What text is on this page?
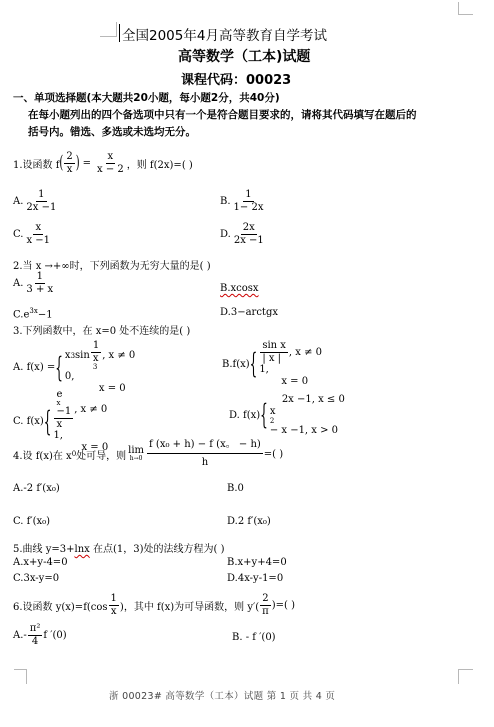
全国2005年4月高等教育自学考试
高等数学（工本)试题
课程代码：00023
一、单项选择题(本大题共20小题，每小题2分，共40分)
在每小题列出的四个备选项中只有一个是符合题目要求的，请将其代码填写在题后的
括号内。错选、多选或未选均无分。
1.设函数 f ( $\frac{2}{x}$ ) = $\frac{x}{x - 2}$ ，则 f(2x)=( )
A. $\frac{1}{2x -1}$	B. $\frac{1}{1- 2x}$
C. $\frac{x}{x -1}$	D. $\frac{2x}{2x -1}$
2.当 x →+∞时，下列函数为无穷大量的是( )
A. $\frac{1}{3 + x}$	B.xcosx
$C.e^{3x}-1$	D.3−arctgx
3.下列函数中，在 x=0 处不连续的是( )
A. f(x) = { x 3 sin 1
x
3 , x ≠ 0
0,
x = 0
B.f(x) { $\frac{\text{sin x}}{| x |}$ , x ≠ 0
1,
x = 0
C. f(x) { e
x
−1
x , x ≠ 0
1,
x = 0
D. f(x) { 2x −1, x ≤ 0
x
2
− x −1, x > 0
4.设 f(x)在 x 0 处可导，则 lim
$h\to 0 \frac{\text{f (x₀ + h) − f (x。 − h)}}{h}$ =( )
A.-2 f′(x₀)	B.0
C. f′(x₀)	D.2 f′(x₀)
5.曲线 y=3+lnx 在点(1，3)处的法线方程为( )
A.x+y-4=0	B.x+y+4=0
C.3x-y=0	D.4x-y-1=0
6.设函数 $y(x)=f(\cos \frac{1}{x}$ )，其中 f(x)为可导函数，则 $y'( \frac{2}{\pi}$ )=( )
$A.- \frac{\text{π²}}{4}$ f ′(0)	B. - f ′(0)
浙 00023# 高等数学（工本）试题 第 1 页 共 4 页
